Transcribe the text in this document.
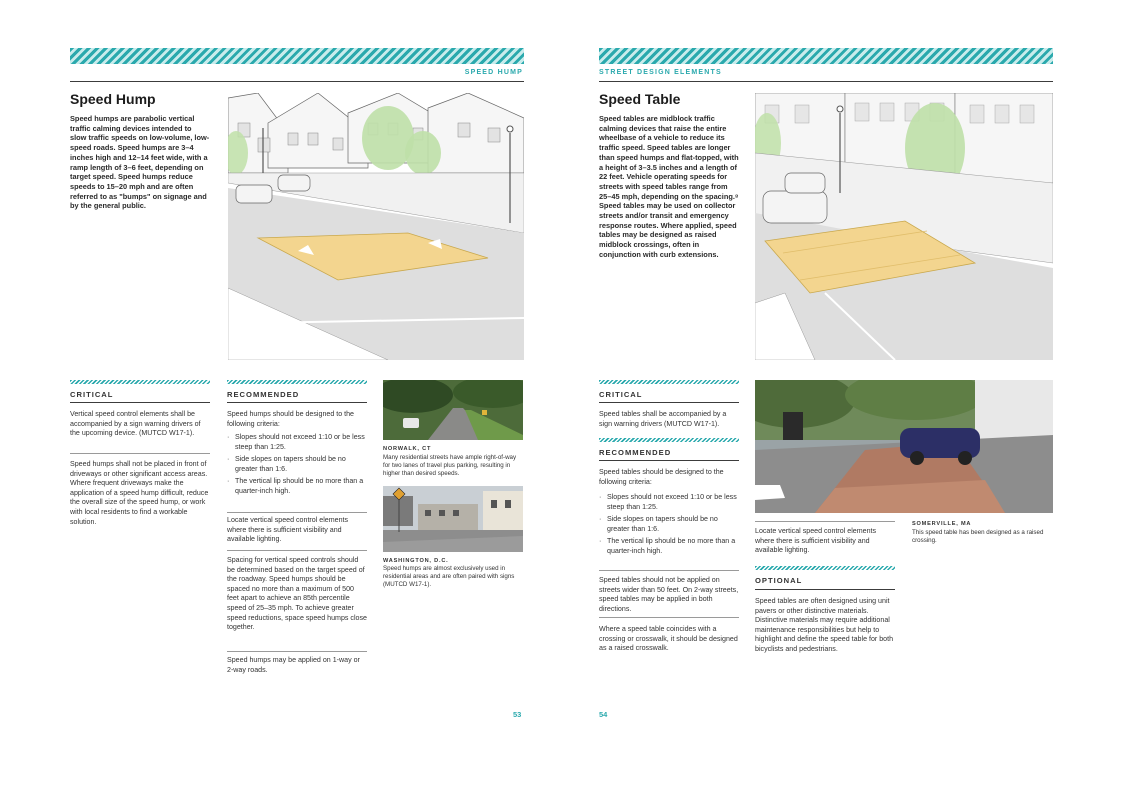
SPEED HUMP
Speed Hump

Speed humps are parabolic vertical traffic calming devices intended to slow traffic speeds on low-volume, low-speed roads. Speed humps are 3–4 inches high and 12–14 feet wide, with a ramp length of 3–6 feet, depending on target speed. Speed humps reduce speeds to 15–20 mph and are often referred to as "bumps" on signage and by the general public.

CRITICAL

Vertical speed control elements shall be accompanied by a sign warning drivers of the upcoming device. (MUTCD W17-1).

Speed humps shall not be placed in front of driveways or other significant access areas. Where frequent driveways make the application of a speed hump difficult, reduce the overall size of the speed hump, or work with local residents to find a workable solution.

RECOMMENDED

Speed humps should be designed to the following criteria:

· Slopes should not exceed 1:10 or be less steep than 1:25.
· Side slopes on tapers should be no greater than 1:6.
· The vertical lip should be no more than a quarter-inch high.

Locate vertical speed control elements where there is sufficient visibility and available lighting.

Spacing for vertical speed controls should be determined based on the target speed of the roadway. Speed humps should be spaced no more than a maximum of 500 feet apart to achieve an 85th percentile speed of 25–35 mph. To achieve greater speed reductions, space speed humps close together.

Speed humps may be applied on 1-way or 2-way roads.

NORWALK, CT

Many residential streets have ample right-of-way for two lanes of travel plus parking, resulting in higher than desired speeds.

WASHINGTON, D.C.

Speed humps are almost exclusively used in residential areas and are often paired with signs (MUTCD W17-1).

53
STREET DESIGN ELEMENTS
Speed Table

Speed tables are midblock traffic calming devices that raise the entire wheelbase of a vehicle to reduce its traffic speed. Speed tables are longer than speed humps and flat-topped, with a height of 3–3.5 inches and a length of 22 feet. Vehicle operating speeds for streets with speed tables range from 25–45 mph, depending on the spacing.⁸ Speed tables may be used on collector streets and/or transit and emergency response routes. Where applied, speed tables may be designed as raised midblock crossings, often in conjunction with curb extensions.

CRITICAL

Speed tables shall be accompanied by a sign warning drivers (MUTCD W17-1).

RECOMMENDED

Speed tables should be designed to the following criteria:

· Slopes should not exceed 1:10 or be less steep than 1:25.
· Side slopes on tapers should be no greater than 1:6.
· The vertical lip should be no more than a quarter-inch high.

Speed tables should not be applied on streets wider than 50 feet. On 2-way streets, speed tables may be applied in both directions.

Where a speed table coincides with a crossing or crosswalk, it should be designed as a raised crosswalk.

SOMERVILLE, MA

This speed table has been designed as a raised crossing.

Locate vertical speed control elements where there is sufficient visibility and available lighting.

OPTIONAL

Speed tables are often designed using unit pavers or other distinctive materials. Distinctive materials may require additional maintenance responsibilities but help to highlight and define the speed table for both bicyclists and pedestrians.

54
